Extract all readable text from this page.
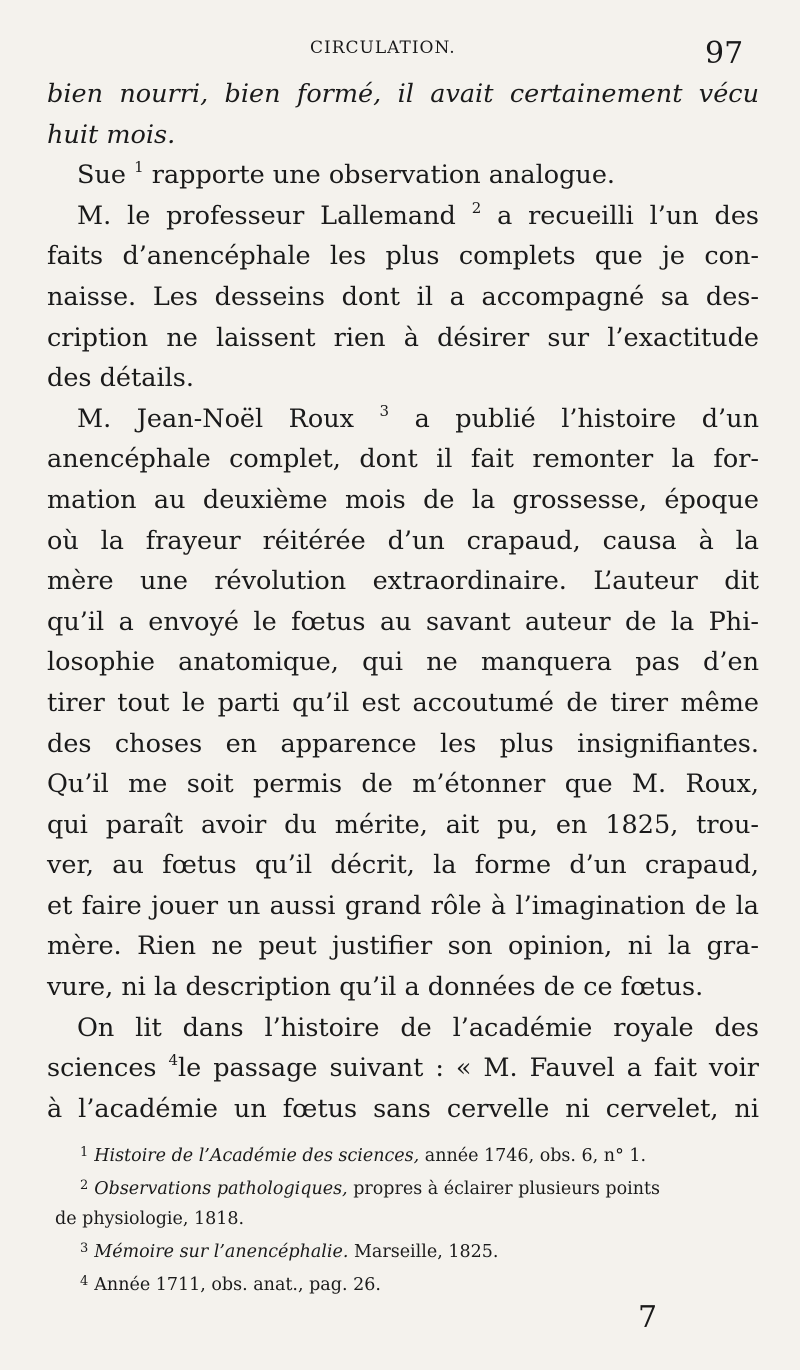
CIRCULATION.	97
bien nourri, bien formé, il avait certainement vécu
huit mois.
Sue $^1$ rapporte une observation analogue.
M. le professeur Lallemand $^2$ a recueilli l’un des
faits d’anencéphale les plus complets que je con-
naisse. Les desseins dont il a accompagné sa des-
cription ne laissent rien à désirer sur l’exactitude
des détails.
M. Jean-Noël Roux $^3$ a publié l’histoire d’un
anencéphale complet, dont il fait remonter la for-
mation au deuxième mois de la grossesse, époque
où la frayeur réitérée d’un crapaud, causa à la
mère une révolution extraordinaire. L’auteur dit
qu’il a envoyé le fœtus au savant auteur de la Phi-
losophie anatomique, qui ne manquera pas d’en
tirer tout le parti qu’il est accoutumé de tirer même
des choses en apparence les plus insignifiantes.
Qu’il me soit permis de m’étonner que M. Roux,
qui paraît avoir du mérite, ait pu, en 1825, trou-
ver, au fœtus qu’il décrit, la forme d’un crapaud,
et faire jouer un aussi grand rôle à l’imagination de la
mère. Rien ne peut justifier son opinion, ni la gra-
vure, ni la description qu’il a données de ce fœtus.
On lit dans l’histoire de l’académie royale des
sciences $^4$le passage suivant : « M. Fauvel a fait voir
à l’académie un fœtus sans cervelle ni cervelet, ni
$^1$ Histoire de l’Académie des sciences, année 1746, obs. 6, n° 1.
$^2$ Observations pathologiques, propres à éclairer plusieurs points
de physiologie, 1818.
$^3$ Mémoire sur l’anencéphalie. Marseille, 1825.
$^4$ Année 1711, obs. anat., pag. 26.
7
